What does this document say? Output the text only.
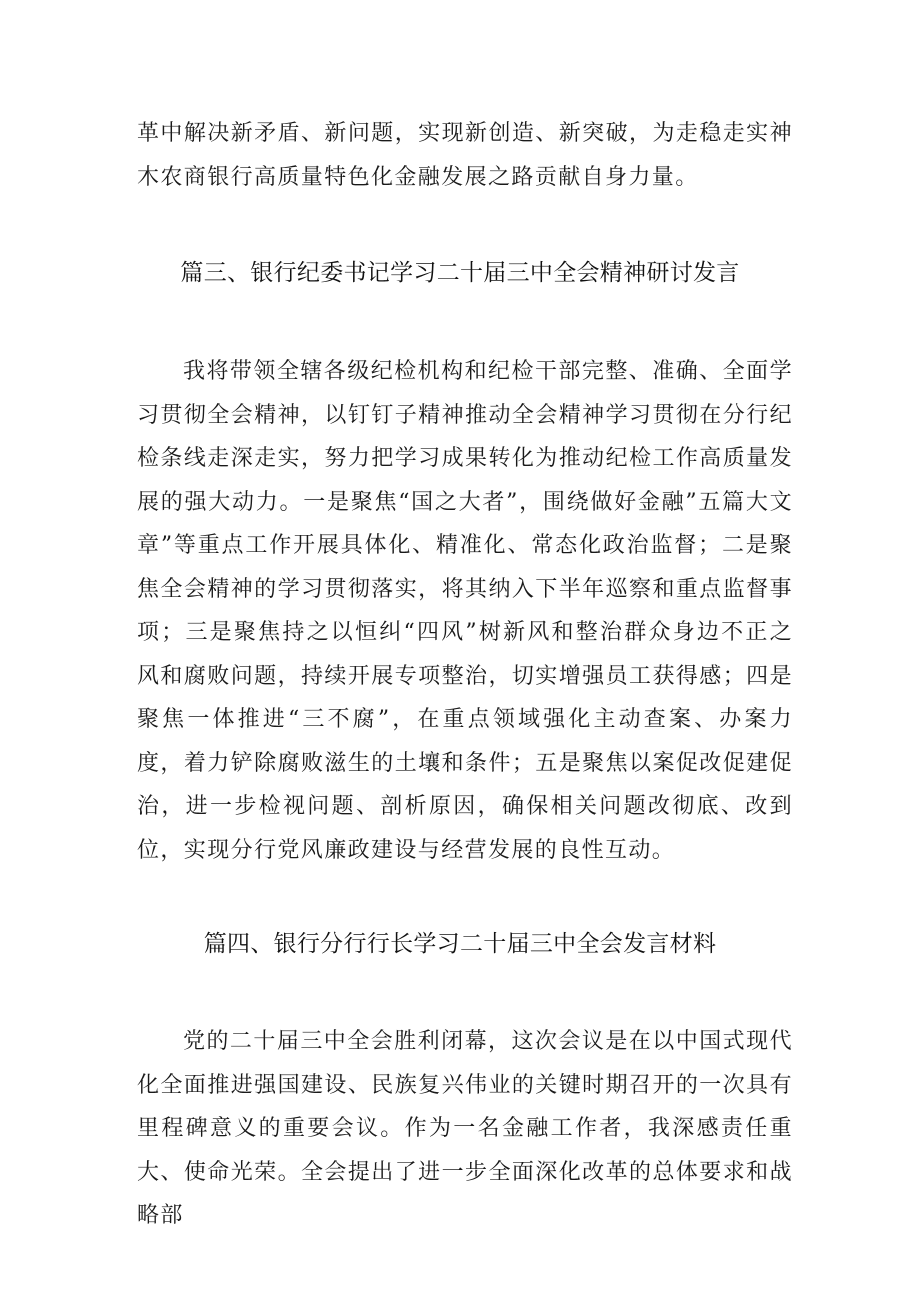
革中解决新矛盾、新问题，实现新创造、新突破，为走稳走实神木农商银行高质量特色化金融发展之路贡献自身力量。

篇三、银行纪委书记学习二十届三中全会精神研讨发言

我将带领全辖各级纪检机构和纪检干部完整、准确、全面学习贯彻全会精神，以钉钉子精神推动全会精神学习贯彻在分行纪检条线走深走实，努力把学习成果转化为推动纪检工作高质量发展的强大动力。一是聚焦“国之大者”，围绕做好金融”五篇大文章”等重点工作开展具体化、精准化、常态化政治监督；二是聚焦全会精神的学习贯彻落实，将其纳入下半年巡察和重点监督事项；三是聚焦持之以恒纠“四风”树新风和整治群众身边不正之风和腐败问题，持续开展专项整治，切实增强员工获得感；四是聚焦一体推进“三不腐”，在重点领域强化主动查案、办案力度，着力铲除腐败滋生的土壤和条件；五是聚焦以案促改促建促治，进一步检视问题、剖析原因，确保相关问题改彻底、改到位，实现分行党风廉政建设与经营发展的良性互动。

篇四、银行分行行长学习二十届三中全会发言材料

党的二十届三中全会胜利闭幕，这次会议是在以中国式现代化全面推进强国建设、民族复兴伟业的关键时期召开的一次具有里程碑意义的重要会议。作为一名金融工作者，我深感责任重大、使命光荣。全会提出了进一步全面深化改革的总体要求和战略部
